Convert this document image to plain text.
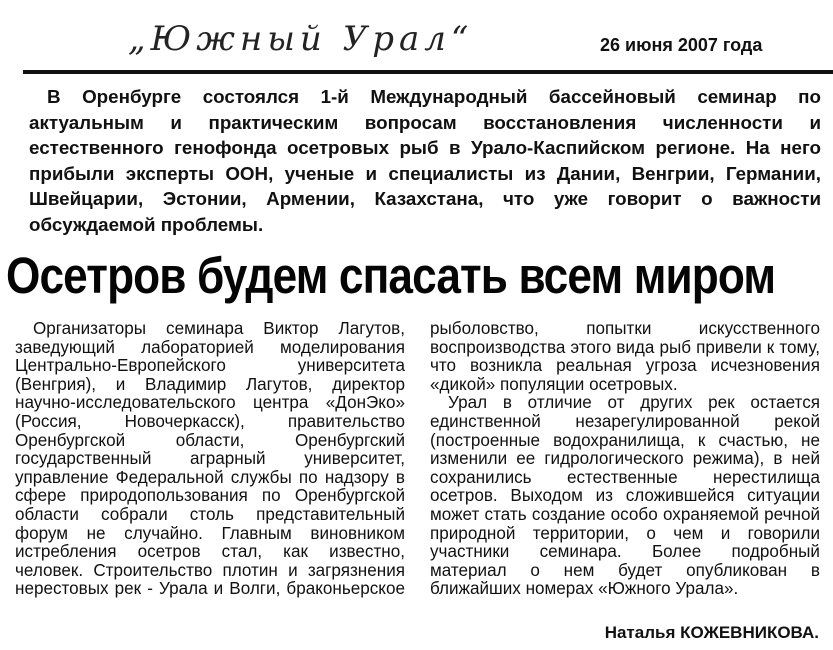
„Южный Урал“	26 июня 2007 года

В Оренбурге состоялся 1-й Международный бассейновый семинар по актуальным и практическим вопросам восстановления численности и естественного генофонда осетровых рыб в Урало-Каспийском регионе. На него прибыли эксперты ООН, ученые и специалисты из Дании, Венгрии, Германии, Швейцарии, Эстонии, Армении, Казахстана, что уже говорит о важности обсуждаемой проблемы.

Осетров будем спасать всем миром

Организаторы семинара Виктор Лагутов, заведующий лабораторией моделирования Центрально-Европейского университета (Венгрия), и Владимир Лагутов, директор научно-исследовательского центра «ДонЭко» (Россия, Новочеркасск), правительство Оренбургской области, Оренбургский государственный аграрный университет, управление Федеральной службы по надзору в сфере природопользования по Оренбургской области собрали столь представительный форум не случайно. Главным виновником истребления осетров стал, как известно, человек. Строительство плотин и загрязнения нерестовых рек - Урала и Волги, браконьерское рыболовство, попытки искусственного воспроизводства этого вида рыб привели к тому, что возникла реальная угроза исчезновения «дикой» популяции осетровых.

Урал в отличие от других рек остается единственной незарегулированной рекой (построенные водохранилища, к счастью, не изменили ее гидрологического режима), в ней сохранились естественные нерестилища осетров. Выходом из сложившейся ситуации может стать создание особо охраняемой речной природной территории, о чем и говорили участники семинара. Более подробный материал о нем будет опубликован в ближайших номерах «Южного Урала».

Наталья КОЖЕВНИКОВА.
